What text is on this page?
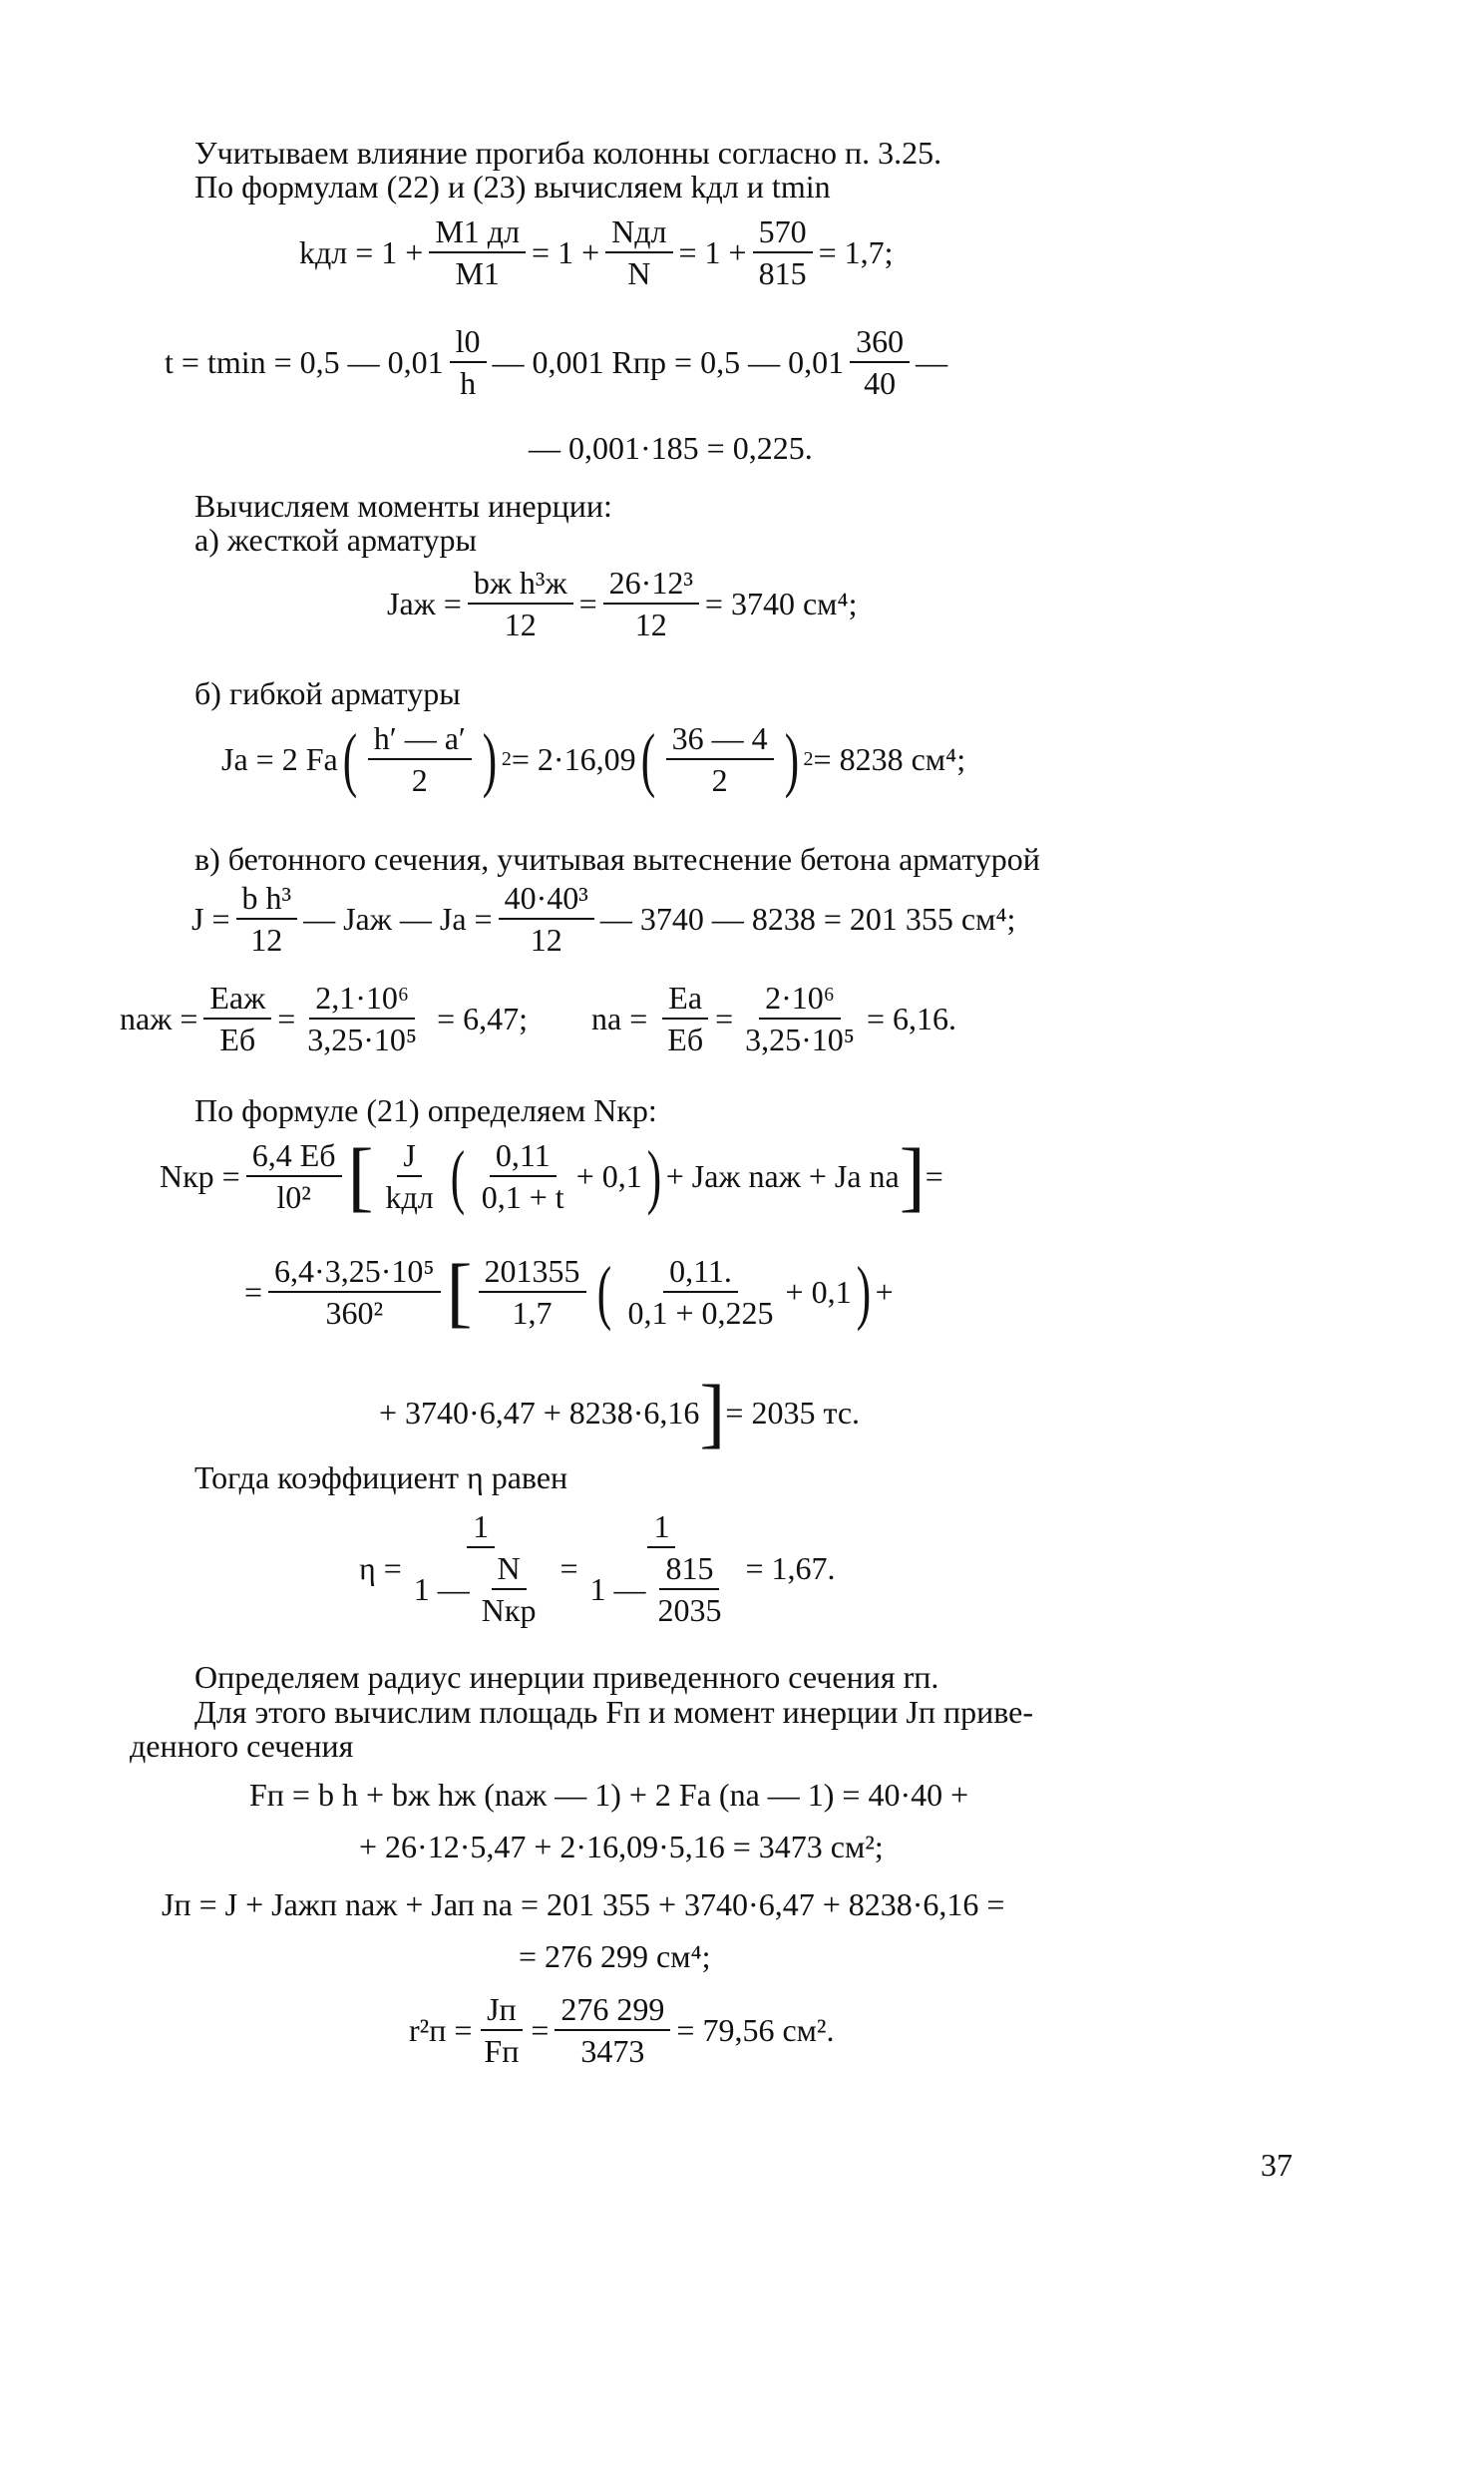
Учитываем влияние прогиба колонны согласно п. 3.25.
По формулам (22) и (23) вычисляем kдл и tmin
kдл = $1 + \frac{M1 дл}{M1} = 1 + \frac{\text{Nдл}}{N} = 1 + \frac{570}{815} = 1,7$;
t = tmin = 0,5 — $0,01 \frac{l0}{h}$ — 0,001 Rпр = 0,5 — $0,01 \frac{360}{40}$ —
— 0,001·185 = 0,225.
Вычисляем моменты инерции:
а) жесткой арматуры
Jаж = $\frac{\text{bж h³ж}}{12} = \frac{\text{26·12³}}{12} = 3740$ см⁴;
б) гибкой арматуры
Jа = 2 Fа ( $\frac{h' — a'}{2}$ ) 2 = 2·16,09 ( $\frac{36 — 4}{2}$ ) 2 = 8238 см⁴;
в) бетонного сечения, учитывая вытеснение бетона арматурой
$J = \frac{\text{b h³}}{12}$ — Jаж — Jа = $\frac{\text{40·40³}}{12}$ — 3740 — 8238 = 201 355 см⁴;
nаж = $\frac{\text{Eаж}}{Eб} = \frac{\text{2,1·10⁶}}{\text{3,25·10⁵}} = 6,47$;        nа = $\frac{Eа}{Eб} = \frac{\text{2·10⁶}}{\text{3,25·10⁵}} = 6,16$.
По формуле (21) определяем Nкр:
Nкр = $\frac{6,4 Eб}{\text{l0²}}$ [ $\frac{J}{\text{kдл}}$ ( $\frac{0,11}{0,1 + t} + 0,1$ ) + Jаж nаж + Jа nа ] =
= $\frac{\text{6,4·3,25·10⁵}}{\text{360²}}$ [ $\frac{201355}{1,7}$ ( $\frac{0,11.}{0,1 + 0,225} + 0,1$ ) +
+ 3740·6,47 + 8238·6,16 ] = 2035 тс.
Тогда коэффициент η равен
$\eta = \frac{1}{1 — \frac{N}{\text{Nкр}}} = \frac{1}{1 — \frac{815}{2035}} = 1,67$.
Определяем радиус инерции приведенного сечения rп.
Для этого вычислим площадь Fп и момент инерции Jп приве-
денного сечения
Fп = b h + bж hж (nаж — 1) + 2 Fа (nа — 1) = 40·40 +
+ 26·12·5,47 + 2·16,09·5,16 = 3473 см²;
Jп = J + Jажп nаж + Jап nа = 201 355 + 3740·6,47 + 8238·6,16 =
= 276 299 см⁴;
$r^2п = \frac{Jп}{Fп} = \frac{276 299}{3473} = 79,56$ см².
37
